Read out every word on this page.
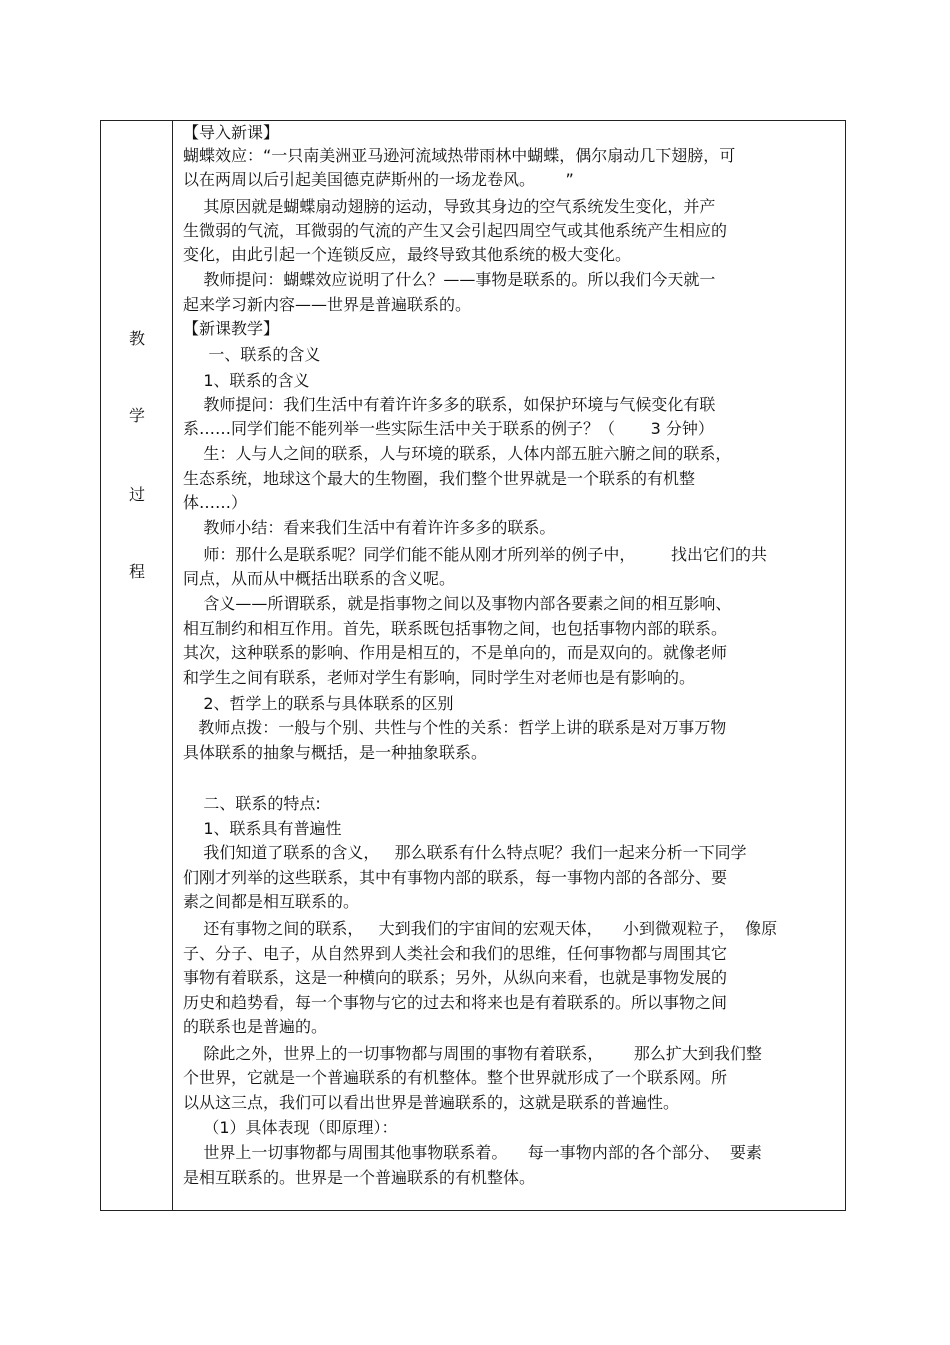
教
学
过
程
【导入新课】
蝴蝶效应：“一只南美洲亚马逊河流域热带雨林中蝴蝶，偶尔扇动几下翅膀，可
以在两周以后引起美国德克萨斯州的一场龙卷风。      ”
其原因就是蝴蝶扇动翅膀的运动，导致其身边的空气系统发生变化，并产
生微弱的气流，耳微弱的气流的产生又会引起四周空气或其他系统产生相应的
变化，由此引起一个连锁反应，最终导致其他系统的极大变化。
教师提问：蝴蝶效应说明了什么？——事物是联系的。所以我们今天就一
起来学习新内容——世界是普遍联系的。
【新课教学】
一、联系的含义
1、联系的含义
教师提问：我们生活中有着许许多多的联系，如保护环境与气候变化有联
系……同学们能不能列举一些实际生活中关于联系的例子？（       3 分钟）
生：人与人之间的联系，人与环境的联系，人体内部五脏六腑之间的联系，
生态系统，地球这个最大的生物圈，我们整个世界就是一个联系的有机整
体……）
教师小结：看来我们生活中有着许许多多的联系。
师：那什么是联系呢？同学们能不能从刚才所列举的例子中，       找出它们的共
同点，从而从中概括出联系的含义呢。
含义——所谓联系，就是指事物之间以及事物内部各要素之间的相互影响、
相互制约和相互作用。首先，联系既包括事物之间，也包括事物内部的联系。
其次，这种联系的影响、作用是相互的，不是单向的，而是双向的。就像老师
和学生之间有联系，老师对学生有影响，同时学生对老师也是有影响的。
2、哲学上的联系与具体联系的区别
教师点拨：一般与个别、共性与个性的关系：哲学上讲的联系是对万事万物
具体联系的抽象与概括，是一种抽象联系。
二、联系的特点:
1、联系具有普遍性
我们知道了联系的含义，   那么联系有什么特点呢？我们一起来分析一下同学
们刚才列举的这些联系，其中有事物内部的联系，每一事物内部的各部分、要
素之间都是相互联系的。
还有事物之间的联系，   大到我们的宇宙间的宏观天体，    小到微观粒子，  像原
子、分子、电子，从自然界到人类社会和我们的思维，任何事物都与周围其它
事物有着联系，这是一种横向的联系；另外，从纵向来看，也就是事物发展的
历史和趋势看，每一个事物与它的过去和将来也是有着联系的。所以事物之间
的联系也是普遍的。
除此之外，世界上的一切事物都与周围的事物有着联系，      那么扩大到我们整
个世界，它就是一个普遍联系的有机整体。整个世界就形成了一个联系网。所
以从这三点，我们可以看出世界是普遍联系的，这就是联系的普遍性。
（1）具体表现（即原理）：
世界上一切事物都与周围其他事物联系着。    每一事物内部的各个部分、  要素
是相互联系的。世界是一个普遍联系的有机整体。
